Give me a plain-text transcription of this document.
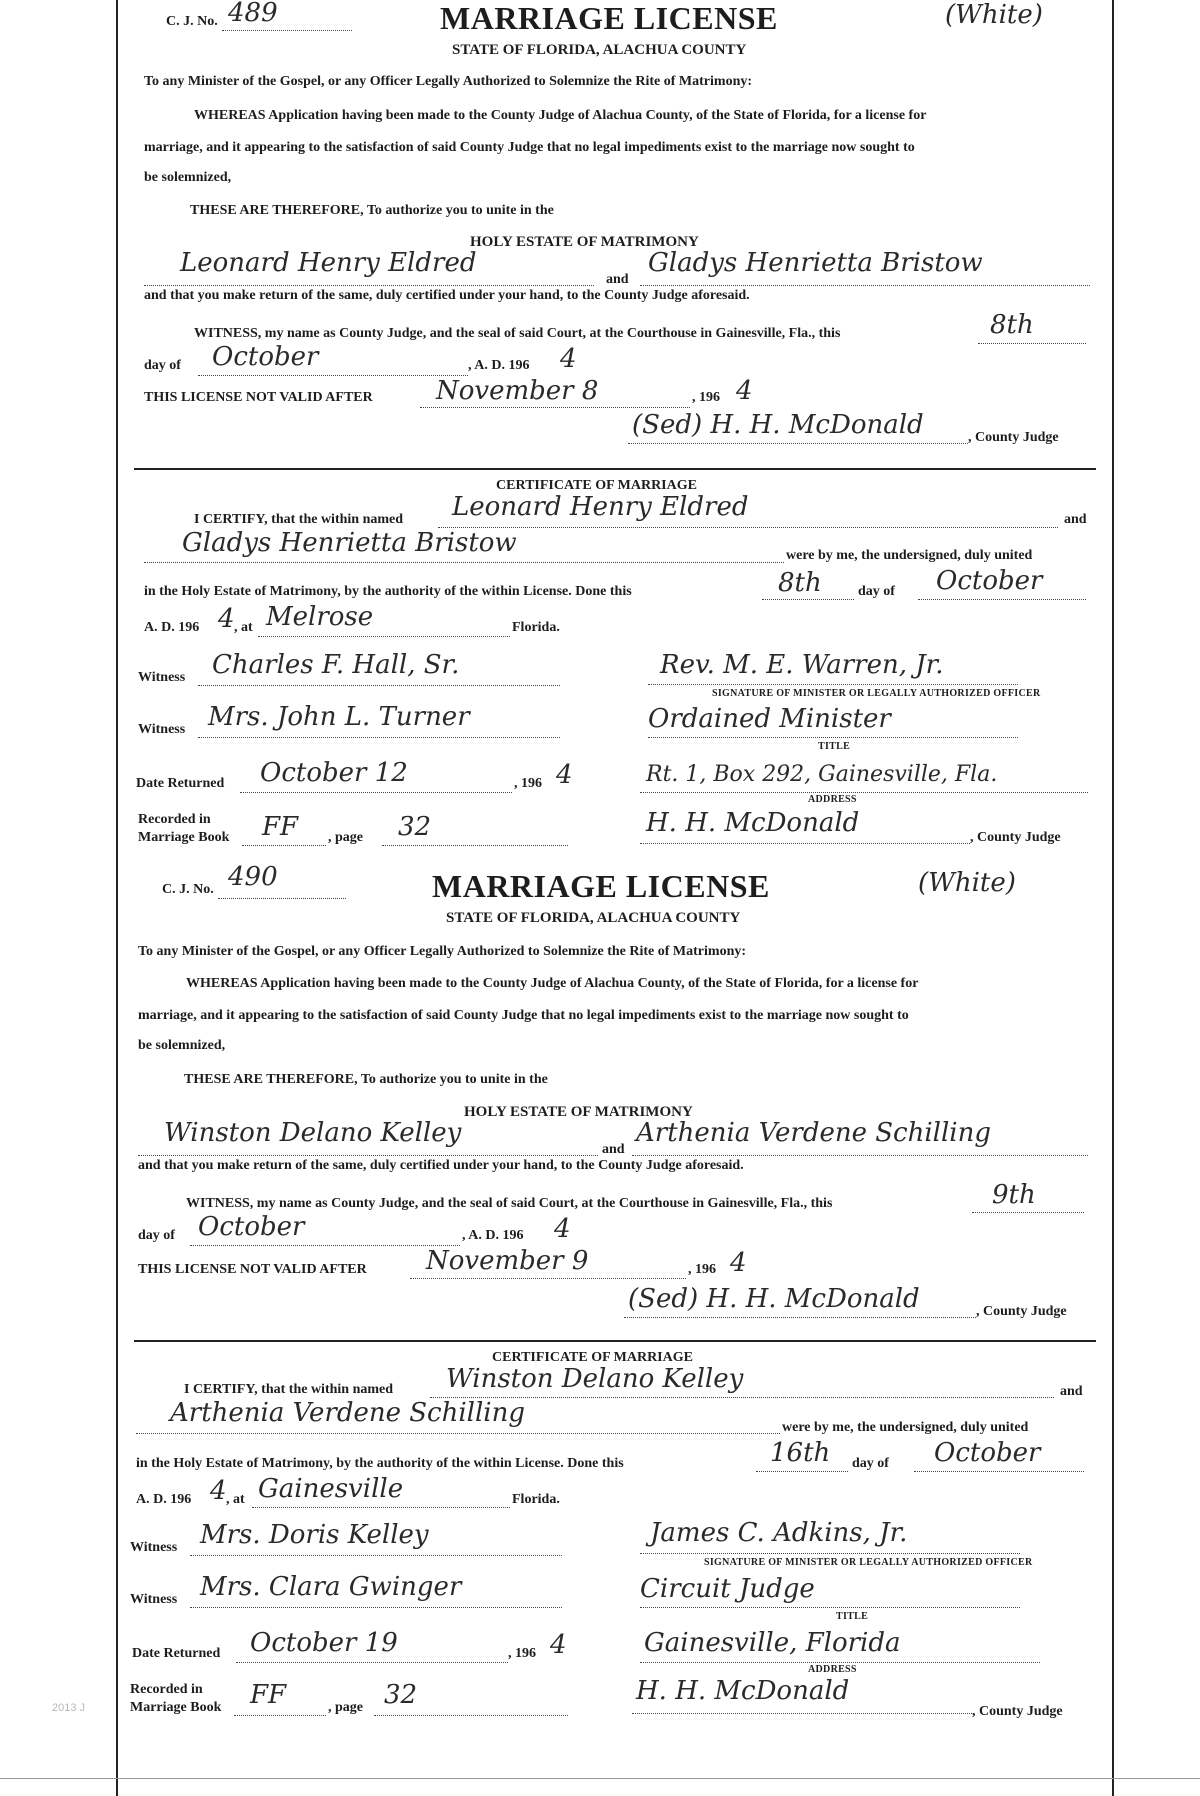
C. J. No. 489	MARRIAGE LICENSE	(White)
STATE OF FLORIDA, ALACHUA COUNTY
To any Minister of the Gospel, or any Officer Legally Authorized to Solemnize the Rite of Matrimony:
WHEREAS Application having been made to the County Judge of Alachua County, of the State of Florida, for a license for
marriage, and it appearing to the satisfaction of said County Judge that no legal impediments exist to the marriage now sought to
be solemnized,
THESE ARE THEREFORE, To authorize you to unite in the
HOLY ESTATE OF MATRIMONY
Leonard Henry Eldred
and
Gladys Henrietta Bristow
and that you make return of the same, duly certified under your hand, to the County Judge aforesaid.
WITNESS, my name as County Judge, and the seal of said Court, at the Courthouse in Gainesville, Fla., this	8th
day of October	, A. D. 196 4
THIS LICENSE NOT VALID AFTER November 8	, 196 4
(Sed) H. H. McDonald	, County Judge
CERTIFICATE OF MARRIAGE
I CERTIFY, that the within named Leonard Henry Eldred	and
Gladys Henrietta Bristow	were by me, the undersigned, duly united
in the Holy Estate of Matrimony, by the authority of the within License. Done this	8th	day of October
A. D. 196 4 , at Melrose	Florida.
Witness Charles F. Hall, Sr.	Rev. M. E. Warren, Jr.
SIGNATURE OF MINISTER OR LEGALLY AUTHORIZED OFFICER
Witness Mrs. John L. Turner	Ordained Minister
TITLE
Date Returned October 12	, 196 4	Rt. 1, Box 292, Gainesville, Fla.
ADDRESS
Recorded in
Marriage Book FF , page 32	H. H. McDonald	, County Judge
C. J. No. 490	MARRIAGE LICENSE	(White)
STATE OF FLORIDA, ALACHUA COUNTY
To any Minister of the Gospel, or any Officer Legally Authorized to Solemnize the Rite of Matrimony:
WHEREAS Application having been made to the County Judge of Alachua County, of the State of Florida, for a license for
marriage, and it appearing to the satisfaction of said County Judge that no legal impediments exist to the marriage now sought to
be solemnized,
THESE ARE THEREFORE, To authorize you to unite in the
HOLY ESTATE OF MATRIMONY
Winston Delano Kelley
and
Arthenia Verdene Schilling
and that you make return of the same, duly certified under your hand, to the County Judge aforesaid.
WITNESS, my name as County Judge, and the seal of said Court, at the Courthouse in Gainesville, Fla., this	9th
day of October	, A. D. 196 4
THIS LICENSE NOT VALID AFTER November 9	, 196 4
(Sed) H. H. McDonald	, County Judge
CERTIFICATE OF MARRIAGE
I CERTIFY, that the within named Winston Delano Kelley	and
Arthenia Verdene Schilling	were by me, the undersigned, duly united
in the Holy Estate of Matrimony, by the authority of the within License. Done this	16th day of October
A. D. 196 4 , at Gainesville	Florida.
Witness Mrs. Doris Kelley	James C. Adkins, Jr.
SIGNATURE OF MINISTER OR LEGALLY AUTHORIZED OFFICER
Witness Mrs. Clara Gwinger	Circuit Judge
TITLE
Date Returned October 19	, 196 4	Gainesville, Florida
ADDRESS
Recorded in
Marriage Book FF	, page 32	H. H. McDonald
, County Judge
2013 J
